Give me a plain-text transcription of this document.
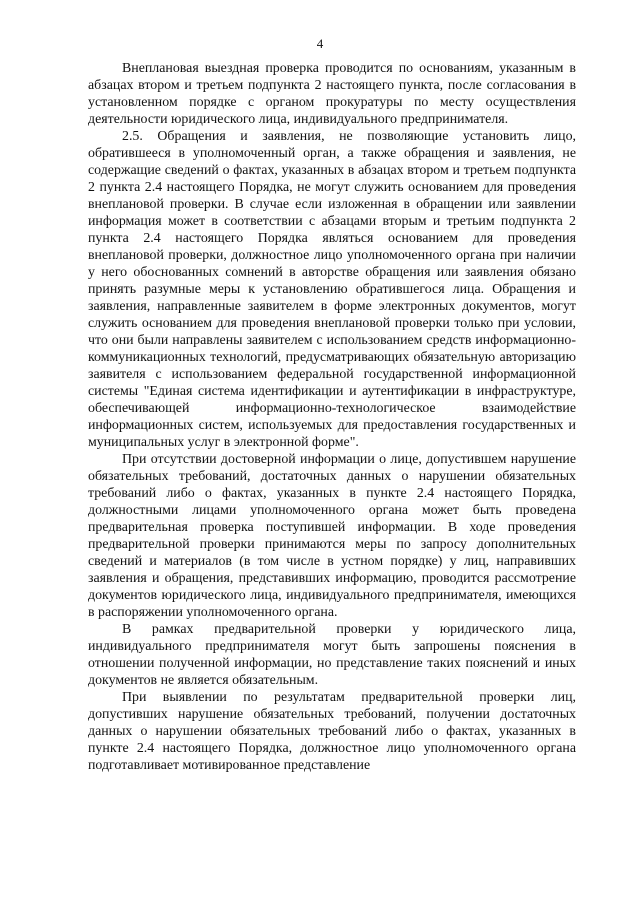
4

Внеплановая выездная проверка проводится по основаниям, указанным в абзацах втором и третьем подпункта 2 настоящего пункта, после согласования в установленном порядке с органом прокуратуры по месту осуществления деятельности юридического лица, индивидуального предпринимателя.

2.5. Обращения и заявления, не позволяющие установить лицо, обратившееся в уполномоченный орган, а также обращения и заявления, не содержащие сведений о фактах, указанных в абзацах втором и третьем подпункта 2 пункта 2.4 настоящего Порядка, не могут служить основанием для проведения внеплановой проверки. В случае если изложенная в обращении или заявлении информация может в соответствии с абзацами вторым и третьим подпункта 2 пункта 2.4 настоящего Порядка являться основанием для проведения внеплановой проверки, должностное лицо уполномоченного органа при наличии у него обоснованных сомнений в авторстве обращения или заявления обязано принять разумные меры к установлению обратившегося лица. Обращения и заявления, направленные заявителем в форме электронных документов, могут служить основанием для проведения внеплановой проверки только при условии, что они были направлены заявителем с использованием средств информационно-коммуникационных технологий, предусматривающих обязательную авторизацию заявителя с использованием федеральной государственной информационной системы "Единая система идентификации и аутентификации в инфраструктуре, обеспечивающей информационно-технологическое взаимодействие информационных систем, используемых для предоставления государственных и муниципальных услуг в электронной форме".

При отсутствии достоверной информации о лице, допустившем нарушение обязательных требований, достаточных данных о нарушении обязательных требований либо о фактах, указанных в пункте 2.4 настоящего Порядка, должностными лицами уполномоченного органа может быть проведена предварительная проверка поступившей информации. В ходе проведения предварительной проверки принимаются меры по запросу дополнительных сведений и материалов (в том числе в устном порядке) у лиц, направивших заявления и обращения, представивших информацию, проводится рассмотрение документов юридического лица, индивидуального предпринимателя, имеющихся в распоряжении уполномоченного органа.

В рамках предварительной проверки у юридического лица, индивидуального предпринимателя могут быть запрошены пояснения в отношении полученной информации, но представление таких пояснений и иных документов не является обязательным.

При выявлении по результатам предварительной проверки лиц, допустивших нарушение обязательных требований, получении достаточных данных о нарушении обязательных требований либо о фактах, указанных в пункте 2.4 настоящего Порядка, должностное лицо уполномоченного органа подготавливает мотивированное представление
